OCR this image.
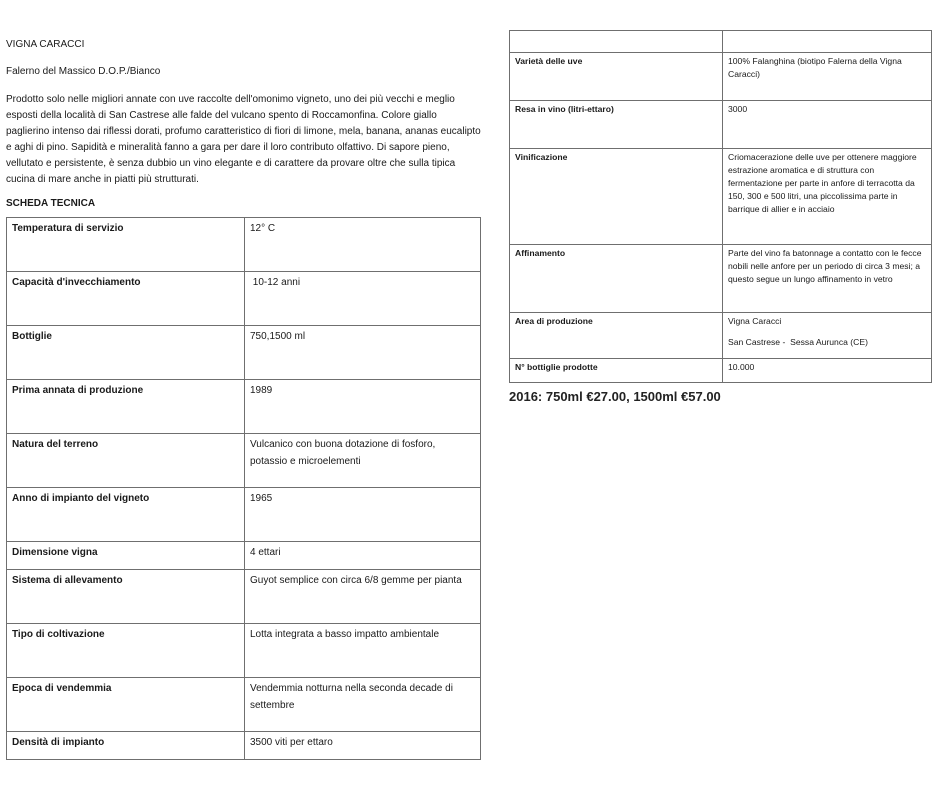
VIGNA CARACCI
Falerno del Massico D.O.P./Bianco
Prodotto solo nelle migliori annate con uve raccolte dell'omonimo vigneto, uno dei più vecchi e meglio esposti della località di San Castrese alle falde del vulcano spento di Roccamonfina. Colore giallo paglierino intenso dai riflessi dorati, profumo caratteristico di fiori di limone, mela, banana, ananas eucalipto e aghi di pino. Sapidità e mineralità fanno a gara per dare il loro contributo olfattivo. Di sapore pieno, vellutato e persistente, è senza dubbio un vino elegante e di carattere da provare oltre che sulla tipica cucina di mare anche in piatti più strutturati.
SCHEDA TECNICA
Temperatura di servizio	12° C
Capacità d'invecchiamento	10-12 anni
Bottiglie	750,1500 ml
Prima annata di produzione	1989
Natura del terreno	Vulcanico con buona dotazione di fosforo, potassio e microelementi
Anno di impianto del vigneto	1965
Dimensione vigna	4 ettari
Sistema di allevamento	Guyot semplice con circa 6/8 gemme per pianta
Tipo di coltivazione	Lotta integrata a basso impatto ambientale
Epoca di vendemmia	Vendemmia notturna nella seconda decade di settembre
Densità di impianto	3500 viti per ettaro

Varietà delle uve	100% Falanghina (biotipo Falerna della Vigna Caracci)
Resa in vino (litri-ettaro)	3000
Vinificazione	Criomacerazione delle uve per ottenere maggiore estrazione aromatica e di struttura con fermentazione per parte in anfore di terracotta da 150, 300 e 500 litri, una piccolissima parte in barrique di allier e in acciaio
Affinamento	Parte del vino fa batonnage a contatto con le fecce nobili nelle anfore per un periodo di circa 3 mesi; a questo segue un lungo affinamento in vetro
Area di produzione	Vigna Caracci
San Castrese -  Sessa Aurunca (CE)

N° bottiglie prodotte	10.000
2016: 750ml €27.00, 1500ml €57.00
